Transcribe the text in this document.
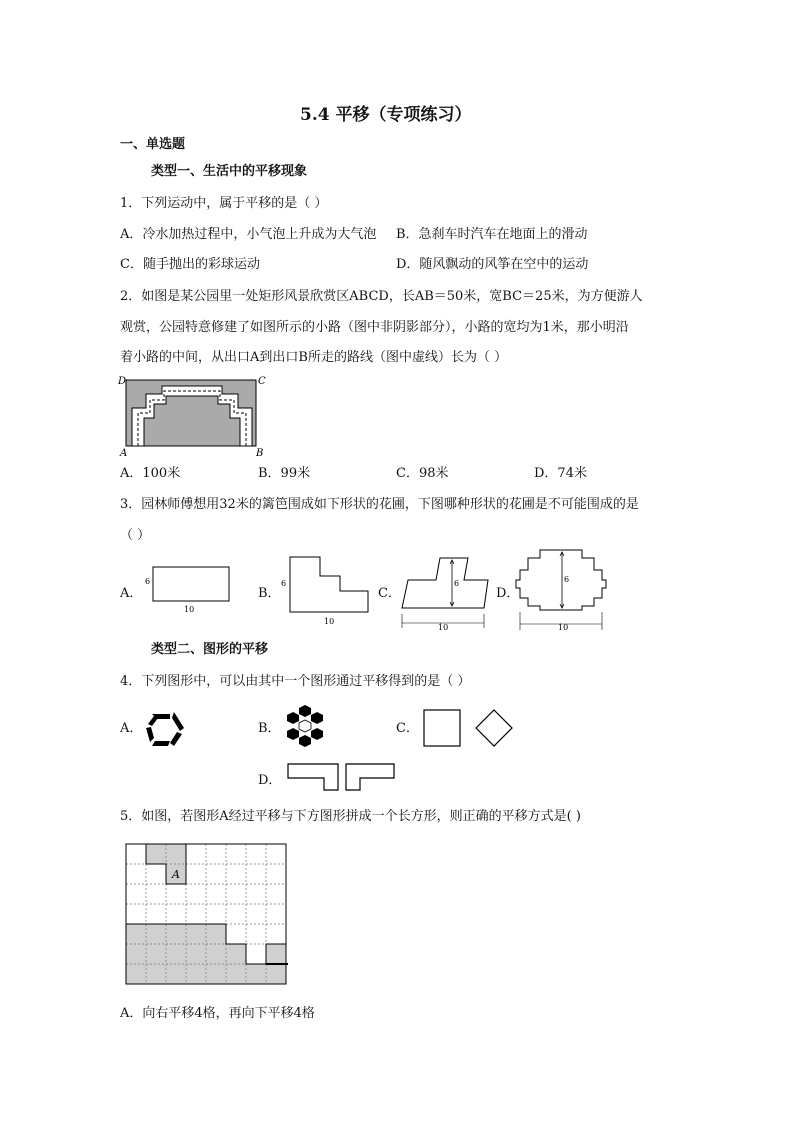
5.4 平移（专项练习）
一、单选题
类型一、生活中的平移现象
1．下列运动中，属于平移的是（ ）
A．冷水加热过程中，小气泡上升成为大气泡 B．急刹车时汽车在地面上的滑动
C．随手抛出的彩球运动	D．随风飘动的风筝在空中的运动
2．如图是某公园里一处矩形风景欣赏区ABCD，长AB＝50米，宽BC＝25米，为方便游人
观赏，公园特意修建了如图所示的小路（图中非阴影部分），小路的宽均为1米，那小明沿
着小路的中间，从出口A到出口B所走的路线（图中虚线）长为（ ）
D	C
A	B
A．100米	B．99米	C．98米	D．74米
3．园林师傅想用32米的篱笆围成如下形状的花圃，下图哪种形状的花圃是不可能围成的是
（ ）
A．
6
10
B．
6
10
C．
6
10
D．
6
10
类型二、图形的平移
4．下列图形中，可以由其中一个图形通过平移得到的是（ ）
A．	B．	C．
D．
5．如图，若图形A经过平移与下方图形拼成一个长方形，则正确的平移方式是( )
A
A．向右平移4格，再向下平移4格
